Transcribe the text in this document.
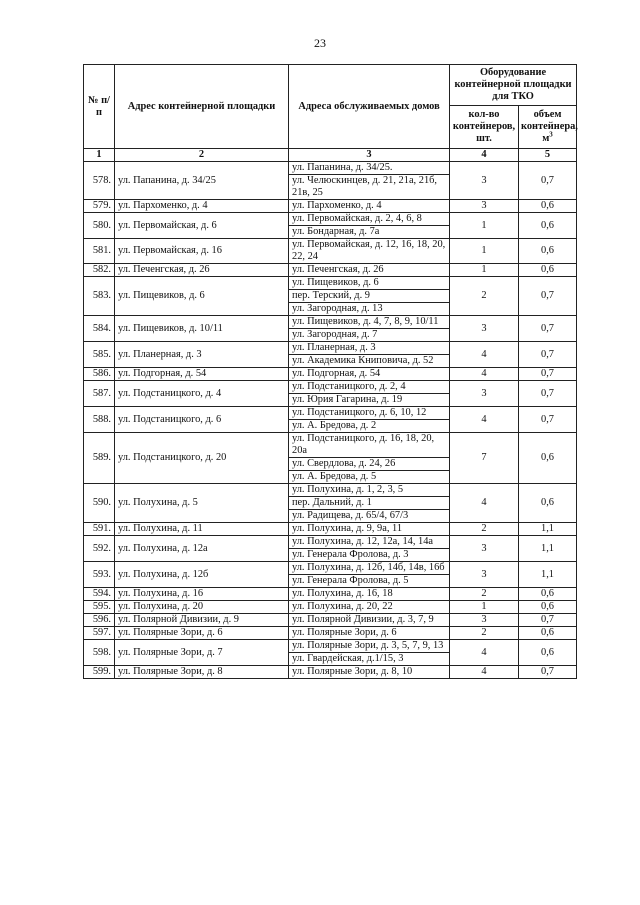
23
№ п/п	Адрес контейнерной площадки	Адреса обслуживаемых домов	Оборудование контейнерной площадки для ТКО	
			кол-во контейнеров, шт.	объем контейнера, $м^3$
1	2	3	4	5
578.	ул. Папанина, д. 34/25	ул. Папанина, д. 34/25.	3	0,7
		ул. Челюскинцев, д. 21, 21а, 21б, 21в, 25		
579.	ул. Пархоменко, д. 4	ул. Пархоменко, д. 4	3	0,6
580.	ул. Первомайская, д. 6	ул. Первомайская, д. 2, 4, 6, 8	1	0,6
		ул. Бондарная, д. 7а		
581.	ул. Первомайская, д. 16	ул. Первомайская, д. 12, 16, 18, 20, 22, 24	1	0,6
582.	ул. Печенгская, д. 26	ул. Печенгская, д. 26	1	0,6
583.	ул. Пищевиков, д. 6	ул. Пищевиков, д. 6	2	0,7
		пер. Терский, д. 9		
		ул. Загородная, д. 13		
584.	ул. Пищевиков, д. 10/11	ул. Пищевиков, д. 4, 7, 8, 9, 10/11	3	0,7
		ул. Загородная, д. 7		
585.	ул. Планерная, д. 3	ул. Планерная, д. 3	4	0,7
		ул. Академика Книповича, д. 52		
586.	ул. Подгорная, д. 54	ул. Подгорная, д. 54	4	0,7
587.	ул. Подстаницкого, д. 4	ул. Подстаницкого, д. 2, 4	3	0,7
		ул. Юрия Гагарина, д. 19		
588.	ул. Подстаницкого, д. 6	ул. Подстаницкого, д. 6, 10, 12	4	0,7
		ул. А. Бредова, д. 2		
589.	ул. Подстаницкого, д. 20	ул. Подстаницкого, д. 16, 18, 20, 20а	7	0,6
		ул. Свердлова, д. 24, 26		
		ул. А. Бредова, д. 5		
590.	ул. Полухина, д. 5	ул. Полухина, д. 1, 2, 3, 5	4	0,6
		пер. Дальний, д. 1		
		ул. Радищева, д. 65/4, 67/3		
591.	ул. Полухина, д. 11	ул. Полухина, д. 9, 9а, 11	2	1,1
592.	ул. Полухина, д. 12а	ул. Полухина, д. 12, 12а, 14, 14а	3	1,1
		ул. Генерала Фролова, д. 3		
593.	ул. Полухина, д. 12б	ул. Полухина, д. 12б, 14б, 14в, 16б	3	1,1
		ул. Генерала Фролова, д. 5		
594.	ул. Полухина, д. 16	ул. Полухина, д. 16, 18	2	0,6
595.	ул. Полухина, д. 20	ул. Полухина, д. 20, 22	1	0,6
596.	ул. Полярной Дивизии, д. 9	ул. Полярной Дивизии, д. 3, 7, 9	3	0,7
597.	ул. Полярные Зори, д. 6	ул. Полярные Зори, д. 6	2	0,6
598.	ул. Полярные Зори, д. 7	ул. Полярные Зори, д. 3, 5, 7, 9, 13	4	0,6
		ул. Гвардейская, д.1/15, 3		
599.	ул. Полярные Зори, д. 8	ул. Полярные Зори, д. 8, 10	4	0,7
